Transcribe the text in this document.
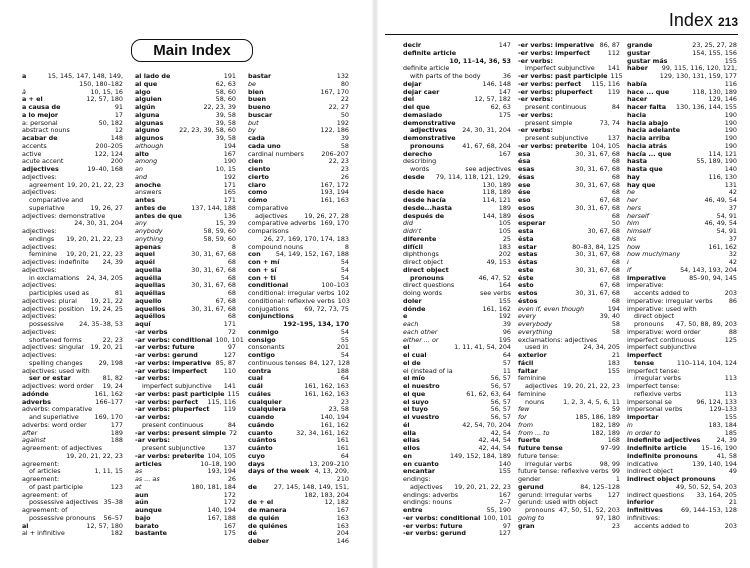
Main Index
a	15, 145, 147, 148, 149,
150, 180–182
à	10, 15, 16
a + el	12, 57, 180
a causa de	91
a lo mejor	17
a: personal	50, 182
abstract nouns	12
acabar de	148
accents	200–205
active	122, 124
acute accent	200
adjectives	19–40, 168
adjectives:
agreement 19, 20, 21, 22, 23
adjectives:
comparative and
superlative	19, 26, 27
adjectives: demonstrative
24, 30, 31, 204
adjectives:
endings	19, 20, 21, 22, 23
adjectives:
feminine	19, 20, 21, 22, 23
adjectives: indefinite	24, 39
adjectives:
in exclamations	24, 34, 205
adjectives:
participles used as	81
adjectives: plural	19, 21, 22
adjectives: position	19, 24, 25
adjectives:
possessive	24, 35–38, 53
adjectives:
shortened forms	22, 23
adjectives: singular 19, 20, 21
adjectives:
spelling changes	29, 198
adjectives: used with
ser or estar	81, 82
adjectives: word order	19, 24
adónde	161, 162
adverbs	166–177
adverbs: comparative
and superlative	169, 170
adverbs: word order	177
after	189
against	188
agreement: of adjectives
19, 20, 21, 22, 23
agreement:
of articles	1, 11, 15
agreement:
of past participle	123
agreement: of
possessive adjectives 35–38
agreement: of
possessive pronouns	56–57
al	12, 57, 180
al + infinitive	182
al lado de	191
al que	62, 63
algo	58, 60
alguien	58, 60
algún	22, 23, 39
alguna	39, 58
algunas	39, 58
alguno	22, 23, 39, 58, 60
algunos	39, 58
although	194
alto	167
among	190
an	10, 15
and	192
anoche	171
answers	165
antes	171
antes de	137, 144, 188
antes de que	136
any	15, 39
anybody	58, 59, 60
anything	58, 59, 60
apenas	8
aquel	30, 31, 67, 68
aquél	68
aquella	30, 31, 67, 68
aquélla	68
aquellas	30, 31, 67, 68
aquéllas	68
aquello	67, 68
aquellos	30, 31, 67, 68
aquéllos	68
aquí	171
-ar verbs	72
-ar verbs: conditional 100, 101
-ar verbs: future	97
-ar verbs: gerund	127
-ar verbs: imperative 85, 87
-ar verbs: imperfect	110
-ar verbs:
imperfect subjunctive	141
-ar verbs: past participle 115
-ar verbs: perfect	115, 116
-ar verbs: pluperfect	119
-ar verbs:
present continuous	84
-ar verbs: present simple 72
-ar verbs:
present subjunctive	137
-ar verbs: preterite 104, 105
articles	10–18, 190
as	193, 194
as ... as	26
at	180, 181, 184
aun	172
aún	172
aunque	140, 194
bajo	167, 188
barato	167
bastante	175
bastar	132
be	80
bien	167, 170
buen	22
bueno	22, 27
buscar	50
but	192
by	122, 186
cada	39
cada uno	58
cardinal numbers	206–207
cien	22, 23
ciento	23
cierto	26
claro	167, 172
como	193, 194
cómo	161, 163
comparative
adjectives	19, 26, 27, 28
comparative adverbs 169, 170
comparisons
26, 27, 169, 170, 174, 183
compound nouns	8
con	54, 149, 152, 167, 188
con + mí	54
con + sí	54
con + ti	54
conditional	100–103
conditional: irregular verbs 102
conditional: reflexive verbs 103
conjugations	69, 72, 73, 75
conjunctions
192–195, 134, 170
conmigo	54
consigo	55
consonants	201
contigo	54
continuous tenses 84, 127, 128
contra	188
cual	64
cuál	161, 162, 163
cuáles	161, 162, 163
cualquier	23
cualquiera	23, 58
cuando	140, 194
cuándo	161, 162
cuanto	32, 34, 161, 162
cuántos	161
cuánto	161
cuyo	64
days	13, 209–210
days of the week 4, 13, 209,
210
de	27, 145, 148, 149, 151,
182, 183, 204
de + el	12, 182
de manera	167
de quién	163
de quiénes	163
dé	204
deber	146
Index 213
decir	147
definite article
10, 11–14, 36, 53
definite article
with parts of the body	36
dejar	146, 148
dejar caer	147
del	12, 57, 182
del que	62, 63
demasiado	175
demonstrative
adjectives	24, 30, 31, 204
demonstrative
pronouns	41, 67, 68, 204
derecho	167
describing
words	see adjectives
desde	79, 114, 118, 121, 129,
130, 189
desde hace	118, 189
desde hacía	114, 121
desde...hasta	189
después de	144, 189
did	105
didn't	105
diferente	25
difícil	183
diphthongs	202
direct object	49, 153
direct object
pronouns	46, 47, 52
direct questions	164
doing words	see verbs
doler	155
dónde	161, 162
e	192
each	39
each other	96
either ... or	195
el	1, 11, 41, 54, 204
el cual	64
el de	57
el (instead of la	11
el mío	56, 57
el nuestro	56, 57
el que	61, 62, 63, 64
el suyo	56, 57
el tuyo	56, 57
el vuestro	56, 57
él	42, 54, 70, 204
ella	42, 54
ellas	42, 44, 54
ellos	42, 44, 54
en	149, 152, 184, 189
en cuanto	140
encantar	155
endings:
adjectives	19, 20, 21, 22, 23
endings: adverbs	167
endings: nouns	2–7
entre	55, 190
-er verbs: conditional 100, 101
-er verbs: future	97
-er verbs: gerund	127
-er verbs: imperative 86, 87
-er verbs: imperfect	112
-er verbs:
imperfect subjunctive	141
-er verbs: past participle 115
-er verbs: perfect	115, 116
-er verbs: pluperfect	119
-er verbs:
present continuous	84
-er verbs:
present simple	73, 74
-er verbs:
present subjunctive	137
-er verbs: preterite 104, 105
esa	30, 31, 67, 68
ésa	68
esas	30, 31, 67, 68
ésas	68
ese	30, 31, 67, 68
ése	68
eso	67, 68
esos	30, 31, 67, 68
ésos	68
esperar	50
esta	30, 67, 68
ésta	68
estar	80–83, 84, 125
estas	30, 31, 67, 68
éstas	68
este	30, 31, 67, 68
éste	68
esto	67, 68
estos	30, 31, 67, 68
éstos	68
even if, even though	194
every	39, 40
everybody	58
everything	58
exclamations: adjectives
used in	24, 34, 205
exterior	21
fácil	183
faltar	155
feminine
adjectives 19, 20, 21, 22, 23
feminine
nouns	1, 2, 3, 4, 5, 6, 11
few	59
for	185, 186, 189
from	182, 189
from ... to	182, 189
fuerte	168
future tense	97–99
future tense:
irregular verbs	98, 99
future tense: reflexive verbs 99
gender	1
gerund	84, 125–128
gerund: irregular verbs	127
gerund: used with object
pronouns 47, 50, 51, 52, 203
going to	97, 180
gran	23
grande	23, 25, 27, 28
gustar	154, 155, 156
gustar más	155
haber	99, 115, 116, 120, 121,
129, 130, 131, 159, 177
había	116
hace ... que	118, 130, 189
hacer	129, 146
hacer falta	130, 136, 144, 155
hacia	190
hacia abajo	190
hacia adelante	190
hacia arriba	190
hacia atrás	190
hacía ... que	114, 121
hasta	55, 189, 190
hasta que	140
hay	116, 130
hay que	131
he	42
her	46, 49, 54
hers	37
herself	54, 91
him	46, 49, 54
himself	54, 91
his	37
how	161, 162
how much/many	32
i	42
if	54, 143, 193, 204
imperative	85–90, 94, 145
imperative:
accents added to	203
imperative: irregular verbs	86
imperative: used with
direct object
pronouns	47, 50, 88, 89, 203
imperative: word order	88
imperfect continuous	125
imperfect subjunctive
imperfect
tense	110–114, 104, 124
imperfect tense:
irregular verbs	113
imperfect tense:
reflexive verbs	113
impersonal se	96, 124, 133
impersonal verbs	129–133
importar	155
in	183, 184
in order to	185
indefinite adjectives	24, 39
indefinite article	15–16, 190
indefinite pronouns	41, 58
indicative	139, 140, 194
indirect object	49
indirect object pronouns
49, 50, 52, 54, 203
indirect questions	33, 164, 205
inferior	21
infinitives	69, 144–153, 128
infinitives:
accents added to	203
